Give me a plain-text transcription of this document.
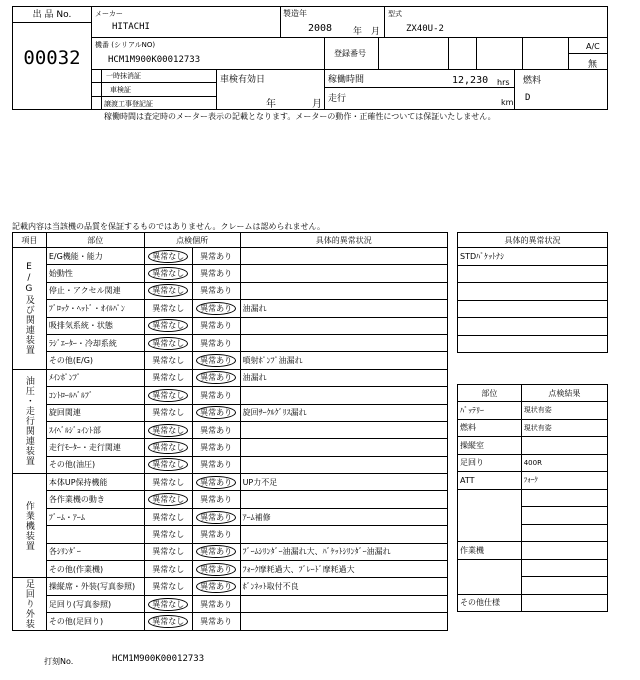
出 品 No.
00032
メーカー
HITACHI
製造年
2008 年 月
型式
ZX40U-2
機番 (シリアルNO)
HCM1M900K00012733
登録番号
A/C
無
一時抹消証
車検証
譲渡工事登記証
車検有効日
年	月
稼働時間	12,230 hrs
走行	km
燃料
D
稼働時間は査定時のメーター表示の記載となります。メーターの動作・正確性については保証いたしません。
記載内容は当該機の品質を保証するものではありません。クレームは認められません。
項目	部位	点検個所		具体的異常状況

E/G及び関連装置	E/G機能・能力	異常なし	異常あり	
	始動性	異常なし	異常あり	
	停止・アクセル関連	異常なし	異常あり	
	ﾌﾞﾛｯｸ・ﾍｯﾄﾞ・ｵｲﾙﾊﾟﾝ	異常なし	異常あり	油漏れ
	吸排気系統・状態	異常なし	異常あり	
	ﾗｼﾞｴｰﾀｰ・冷却系統	異常なし	異常あり	
	その他(E/G)	異常なし	異常あり	噴射ﾎﾟﾝﾌﾟ油漏れ

油圧・走行関連装置	ﾒｲﾝﾎﾟﾝﾌﾟ	異常なし	異常あり	油漏れ
	ｺﾝﾄﾛｰﾙﾊﾞﾙﾌﾞ	異常なし	異常あり	
	旋回関連	異常なし	異常あり	旋回ｻｰｸﾙｸﾞﾘｽ漏れ
	ｽｲﾍﾞﾙｼﾞｮｲﾝﾄ部	異常なし	異常あり	
	走行ﾓｰﾀｰ・走行関連	異常なし	異常あり	
	その他(油圧)	異常なし	異常あり	

作業機装置	本体UP保持機能	異常なし	異常あり	UP力不足
	各作業機の動き	異常なし	異常あり	
	ﾌﾞｰﾑ・ｱｰﾑ	異常なし	異常あり	ｱｰﾑ補修
		異常なし	異常あり	
	各ｼﾘﾝﾀﾞｰ	異常なし	異常あり	ﾌﾞｰﾑｼﾘﾝﾀﾞｰ油漏れ大、ﾊﾞｹｯﾄｼﾘﾝﾀﾞｰ油漏れ
	その他(作業機)	異常なし	異常あり	ﾌｫｰｸ摩耗過大、ﾌﾞﾚｰﾄﾞ摩耗過大

足回り外装	操縦席・外装(写真参照)	異常なし	異常あり	ﾎﾞﾝﾈｯﾄ取付不良
	足回り(写真参照)	異常なし	異常あり	
	その他(足回り)	異常なし	異常あり	
具体的異常状況
STDﾊﾞｹｯﾄﾅｼ

部位	点検結果
ﾊﾞｯﾃﾘｰ	現状有姿
燃料	現状有姿
操縦室	
足回り	400R
ATT	ﾌｫｰｸ

作業機	

その他仕様	
打刻No.	HCM1M900K00012733
